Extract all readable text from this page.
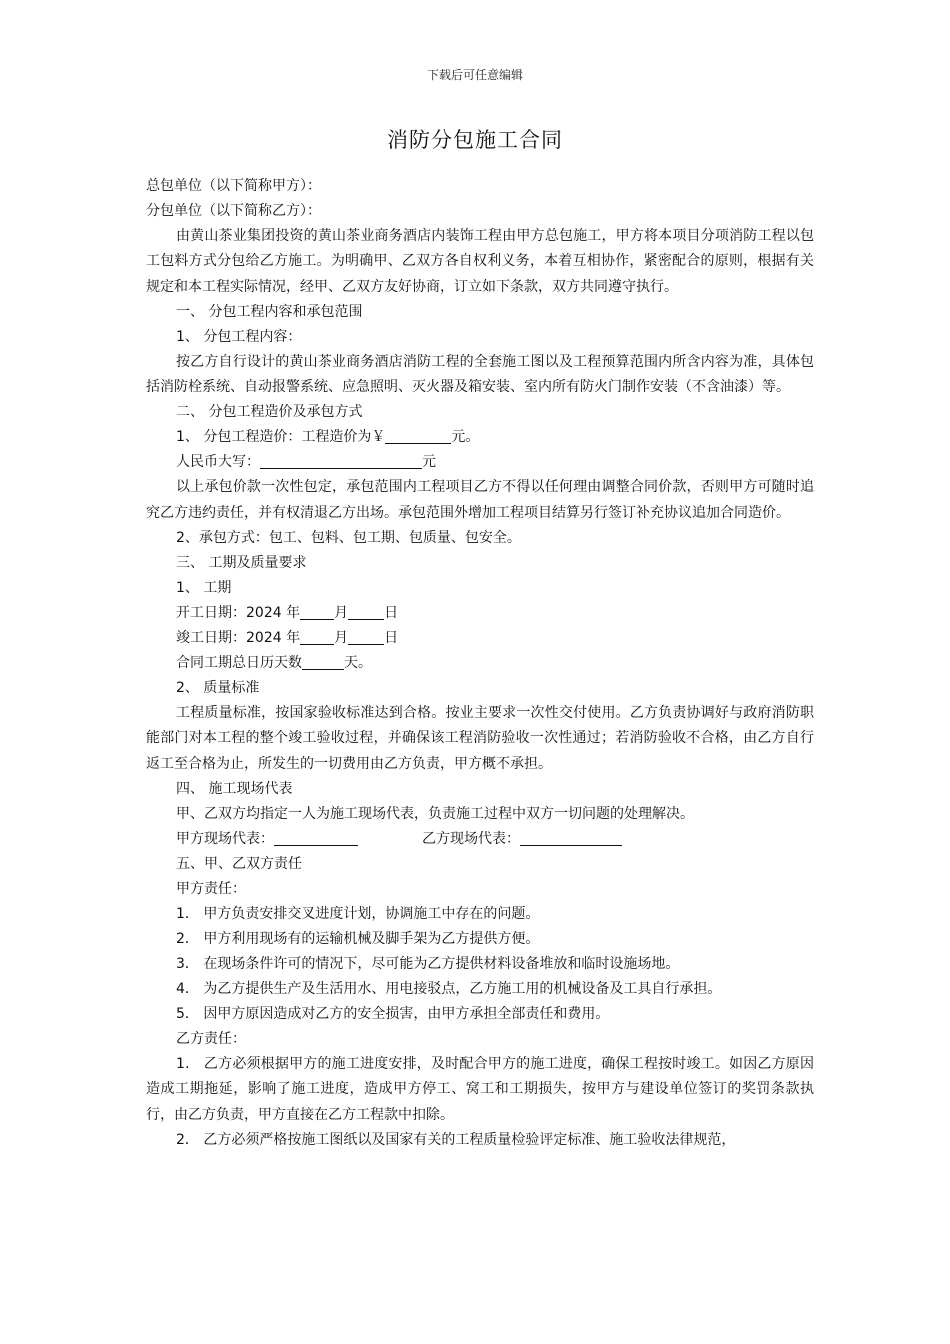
下载后可任意编辑
消防分包施工合同
总包单位（以下简称甲方）：
分包单位（以下简称乙方）：
由黄山茶业集团投资的黄山茶业商务酒店内装饰工程由甲方总包施工，甲方将本项目分项消防工程以包工包料方式分包给乙方施工。为明确甲、乙双方各自权利义务，本着互相协作，紧密配合的原则，根据有关规定和本工程实际情况，经甲、乙双方友好协商，订立如下条款，双方共同遵守执行。
一、 分包工程内容和承包范围
1、 分包工程内容：
按乙方自行设计的黄山茶业商务酒店消防工程的全套施工图以及工程预算范围内所含内容为准，具体包括消防栓系统、自动报警系统、应急照明、灭火器及箱安装、室内所有防火门制作安装（不含油漆）等。
二、 分包工程造价及承包方式
1、 分包工程造价：工程造价为￥	元。
人民币大写：	元
以上承包价款一次性包定，承包范围内工程项目乙方不得以任何理由调整合同价款，否则甲方可随时追究乙方违约责任，并有权清退乙方出场。承包范围外增加工程项目结算另行签订补充协议追加合同造价。
2、承包方式：包工、包料、包工期、包质量、包安全。
三、 工期及质量要求
1、 工期
开工日期：2024 年 月	日
竣工日期：2024 年 月	日
合同工期总日历天数	天。
2、 质量标准
工程质量标准，按国家验收标准达到合格。按业主要求一次性交付使用。乙方负责协调好与政府消防职能部门对本工程的整个竣工验收过程，并确保该工程消防验收一次性通过；若消防验收不合格，由乙方自行返工至合格为止，所发生的一切费用由乙方负责，甲方概不承担。
四、 施工现场代表
甲、乙双方均指定一人为施工现场代表，负责施工过程中双方一切问题的处理解决。
甲方现场代表：	乙方现场代表：
五、甲、乙双方责任
甲方责任：
1． 甲方负责安排交叉进度计划，协调施工中存在的问题。
2． 甲方利用现场有的运输机械及脚手架为乙方提供方便。
3． 在现场条件许可的情况下，尽可能为乙方提供材料设备堆放和临时设施场地。
4． 为乙方提供生产及生活用水、用电接驳点，乙方施工用的机械设备及工具自行承担。
5． 因甲方原因造成对乙方的安全损害，由甲方承担全部责任和费用。
乙方责任：
1． 乙方必须根据甲方的施工进度安排，及时配合甲方的施工进度，确保工程按时竣工。如因乙方原因造成工期拖延，影响了施工进度，造成甲方停工、窝工和工期损失，按甲方与建设单位签订的奖罚条款执行，由乙方负责，甲方直接在乙方工程款中扣除。
2． 乙方必须严格按施工图纸以及国家有关的工程质量检验评定标准、施工验收法律规范，
